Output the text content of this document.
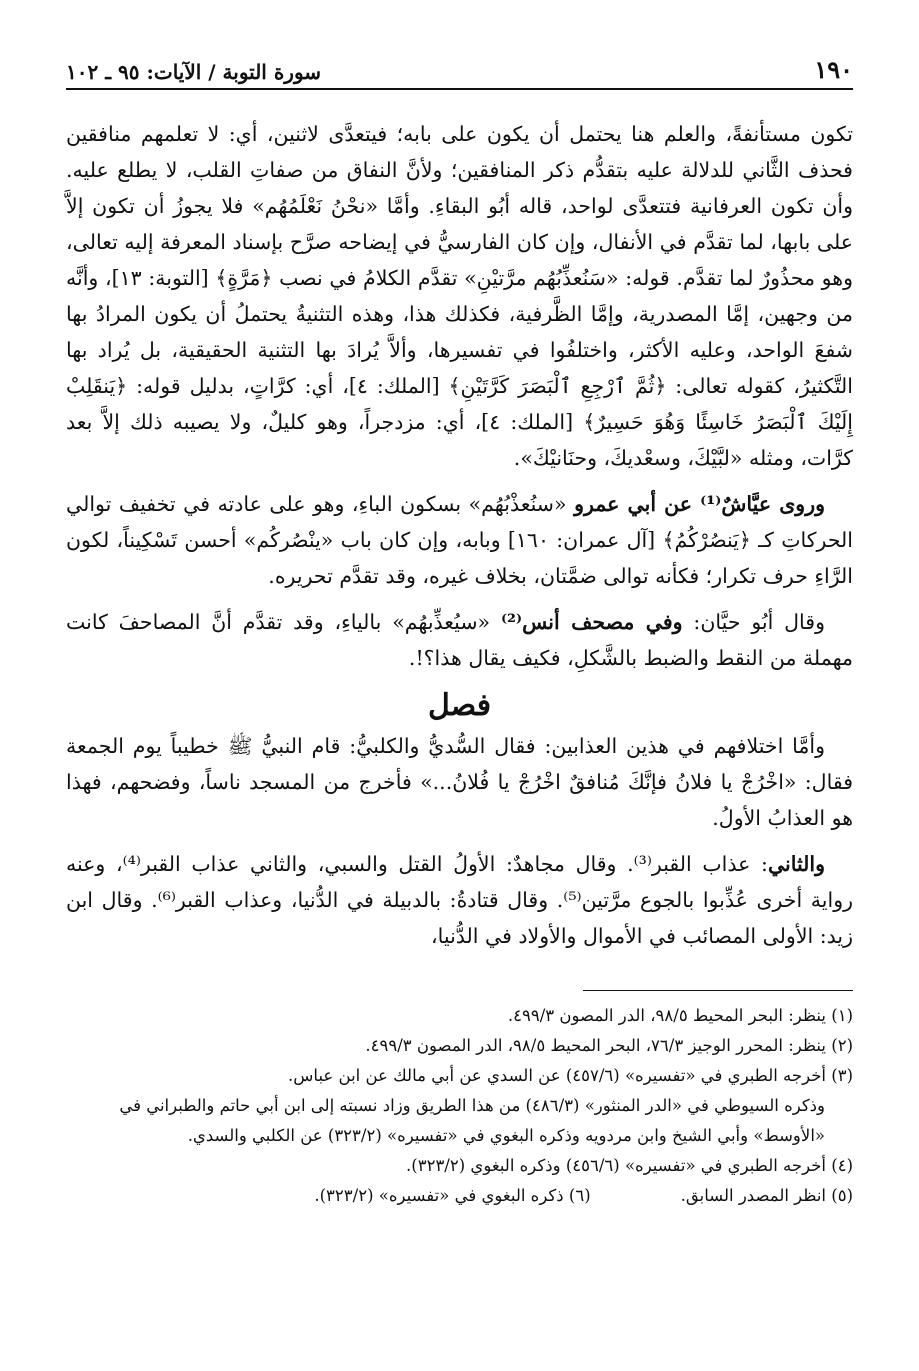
١٩٠
سورة التوبة / الآيات: ٩٥ ـ ١٠٢

تكون مستأنفةً، والعلم هنا يحتمل أن يكون على بابه؛ فيتعدَّى لاثنين، أي: لا تعلمهم منافقين فحذف الثَّاني للدلالة عليه بتقدُّم ذكر المنافقين؛ ولأنَّ النفاق من صفاتِ القلب، لا يطلع عليه. وأن تكون العرفانية فتتعدَّى لواحد، قاله أبُو البقاءِ. وأمَّا «نحْنُ نَعْلَمُهُم» فلا يجوزُ أن تكون إلاَّ على بابها، لما تقدَّم في الأنفال، وإن كان الفارسيُّ في إيضاحه صرَّح بإسناد المعرفة إليه تعالى، وهو محذُورٌ لما تقدَّم. قوله: «سَنُعذِّبُهُم مرَّتيْنِ» تقدَّم الكلامُ في نصب ﴿مَرَّةٍ﴾ [التوبة: ١٣]، وأنَّه من وجهين، إمَّا المصدرية، وإمَّا الظَّرفية، فكذلك هذا، وهذه التثنيةُ يحتملُ أن يكون المرادُ بها شفعَ الواحد، وعليه الأكثر، واختلفُوا في تفسيرها، وألاَّ يُرادَ بها التثنية الحقيقية، بل يُراد بها التَّكثيرُ، كقوله تعالى: ﴿ثُمَّ ٱرْجِعِ ٱلْبَصَرَ كَرَّتَيْنِ﴾ [الملك: ٤]، أي: كرَّاتٍ، بدليل قوله: ﴿يَنقَلِبْ إِلَيْكَ ٱلْبَصَرُ خَاسِئًا وَهُوَ حَسِيرٌ﴾ [الملك: ٤]، أي: مزدجراً، وهو كليلٌ، ولا يصيبه ذلك إلاَّ بعد كرَّات، ومثله «لبَّيْكَ، وسعْديكَ، وحنَانيْكَ».

وروى عيَّاشٌ⁽¹⁾ عن أبي عمرو «سنُعذْبُهُم» بسكون الباءِ، وهو على عادته في تخفيف توالي الحركاتِ كـ ﴿يَنصُرْكُمُ﴾ [آل عمران: ١٦٠] وبابه، وإن كان باب «ينْصُركُم» أحسن تَسْكِيناً، لكون الرَّاءِ حرف تكرار؛ فكأنه توالى ضمَّتان، بخلاف غيره، وقد تقدَّم تحريره.

وقال أبُو حيَّان: وفي مصحف أنس⁽²⁾ «سيُعذِّبهُم» بالياءِ، وقد تقدَّم أنَّ المصاحفَ كانت مهملة من النقط والضبط بالشَّكلِ، فكيف يقال هذا؟!.

فصل

وأمَّا اختلافهم في هذين العذابين: فقال السُّديُّ والكلبيُّ: قام النبيُّ ﷺ خطيباً يوم الجمعة فقال: «اخْرُجْ يا فلانُ فإنَّكَ مُنافقٌ اخْرُجْ يا فُلانُ...» فأخرج من المسجد ناساً، وفضحهم، فهذا هو العذابُ الأولُ.

والثاني: عذاب القبر⁽³⁾. وقال مجاهدٌ: الأولُ القتل والسبي، والثاني عذاب القبر⁽⁴⁾، وعنه رواية أخرى عُذِّبوا بالجوع مرَّتين⁽⁵⁾. وقال قتادةُ: بالدبيلة في الدُّنيا، وعذاب القبر⁽⁶⁾. وقال ابن زيد: الأولى المصائب في الأموال والأولاد في الدُّنيا،

(١) ينظر: البحر المحيط ٩٨/٥، الدر المصون ٤٩٩/٣.

(٢) ينظر: المحرر الوجيز ٧٦/٣، البحر المحيط ٩٨/٥، الدر المصون ٤٩٩/٣.

(٣) أخرجه الطبري في «تفسيره» (٤٥٧/٦) عن السدي عن أبي مالك عن ابن عباس.

وذكره السيوطي في «الدر المنثور» (٤٨٦/٣) من هذا الطريق وزاد نسبته إلى ابن أبي حاتم والطبراني في «الأوسط» وأبي الشيخ وابن مردويه وذكره البغوي في «تفسيره» (٣٢٣/٢) عن الكلبي والسدي.

(٤) أخرجه الطبري في «تفسيره» (٤٥٦/٦) وذكره البغوي (٣٢٣/٢).

(٥) انظر المصدر السابق.
(٦) ذكره البغوي في «تفسيره» (٣٢٣/٢).
